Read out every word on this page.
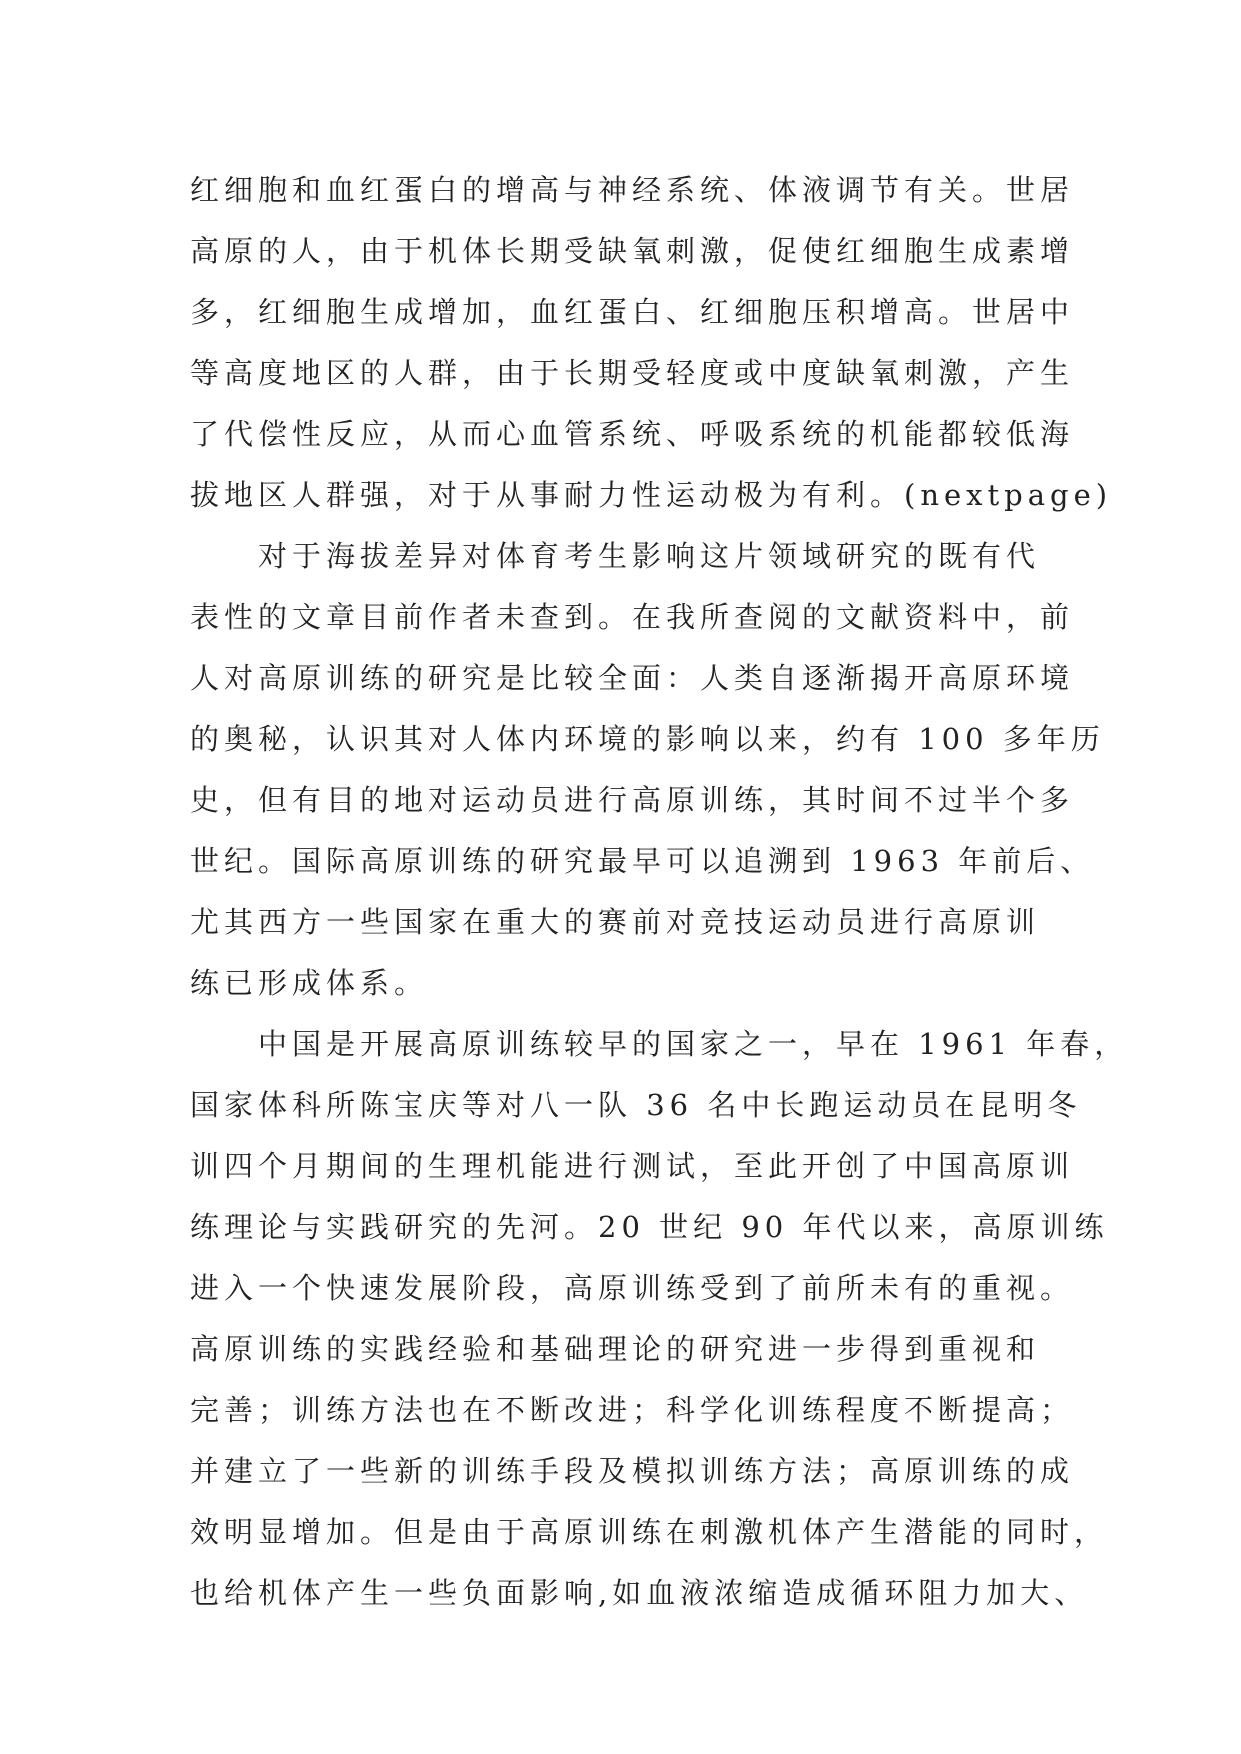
红细胞和血红蛋白的增高与神经系统、体液调节有关。世居
高原的人，由于机体长期受缺氧刺激，促使红细胞生成素增
多，红细胞生成增加，血红蛋白、红细胞压积增高。世居中
等高度地区的人群，由于长期受轻度或中度缺氧刺激，产生
了代偿性反应，从而心血管系统、呼吸系统的机能都较低海
拔地区人群强，对于从事耐力性运动极为有利。(nextpage)
　　对于海拔差异对体育考生影响这片领域研究的既有代
表性的文章目前作者未查到。在我所查阅的文献资料中，前
人对高原训练的研究是比较全面：人类自逐渐揭开高原环境
的奥秘，认识其对人体内环境的影响以来，约有 100 多年历
史，但有目的地对运动员进行高原训练，其时间不过半个多
世纪。国际高原训练的研究最早可以追溯到 1963 年前后、
尤其西方一些国家在重大的赛前对竞技运动员进行高原训
练已形成体系。
　　中国是开展高原训练较早的国家之一，早在 1961 年春，
国家体科所陈宝庆等对八一队 36 名中长跑运动员在昆明冬
训四个月期间的生理机能进行测试，至此开创了中国高原训
练理论与实践研究的先河。20 世纪 90 年代以来，高原训练
进入一个快速发展阶段，高原训练受到了前所未有的重视。
高原训练的实践经验和基础理论的研究进一步得到重视和
完善；训练方法也在不断改进；科学化训练程度不断提高；
并建立了一些新的训练手段及模拟训练方法；高原训练的成
效明显增加。但是由于高原训练在刺激机体产生潜能的同时，
也给机体产生一些负面影响,如血液浓缩造成循环阻力加大、
